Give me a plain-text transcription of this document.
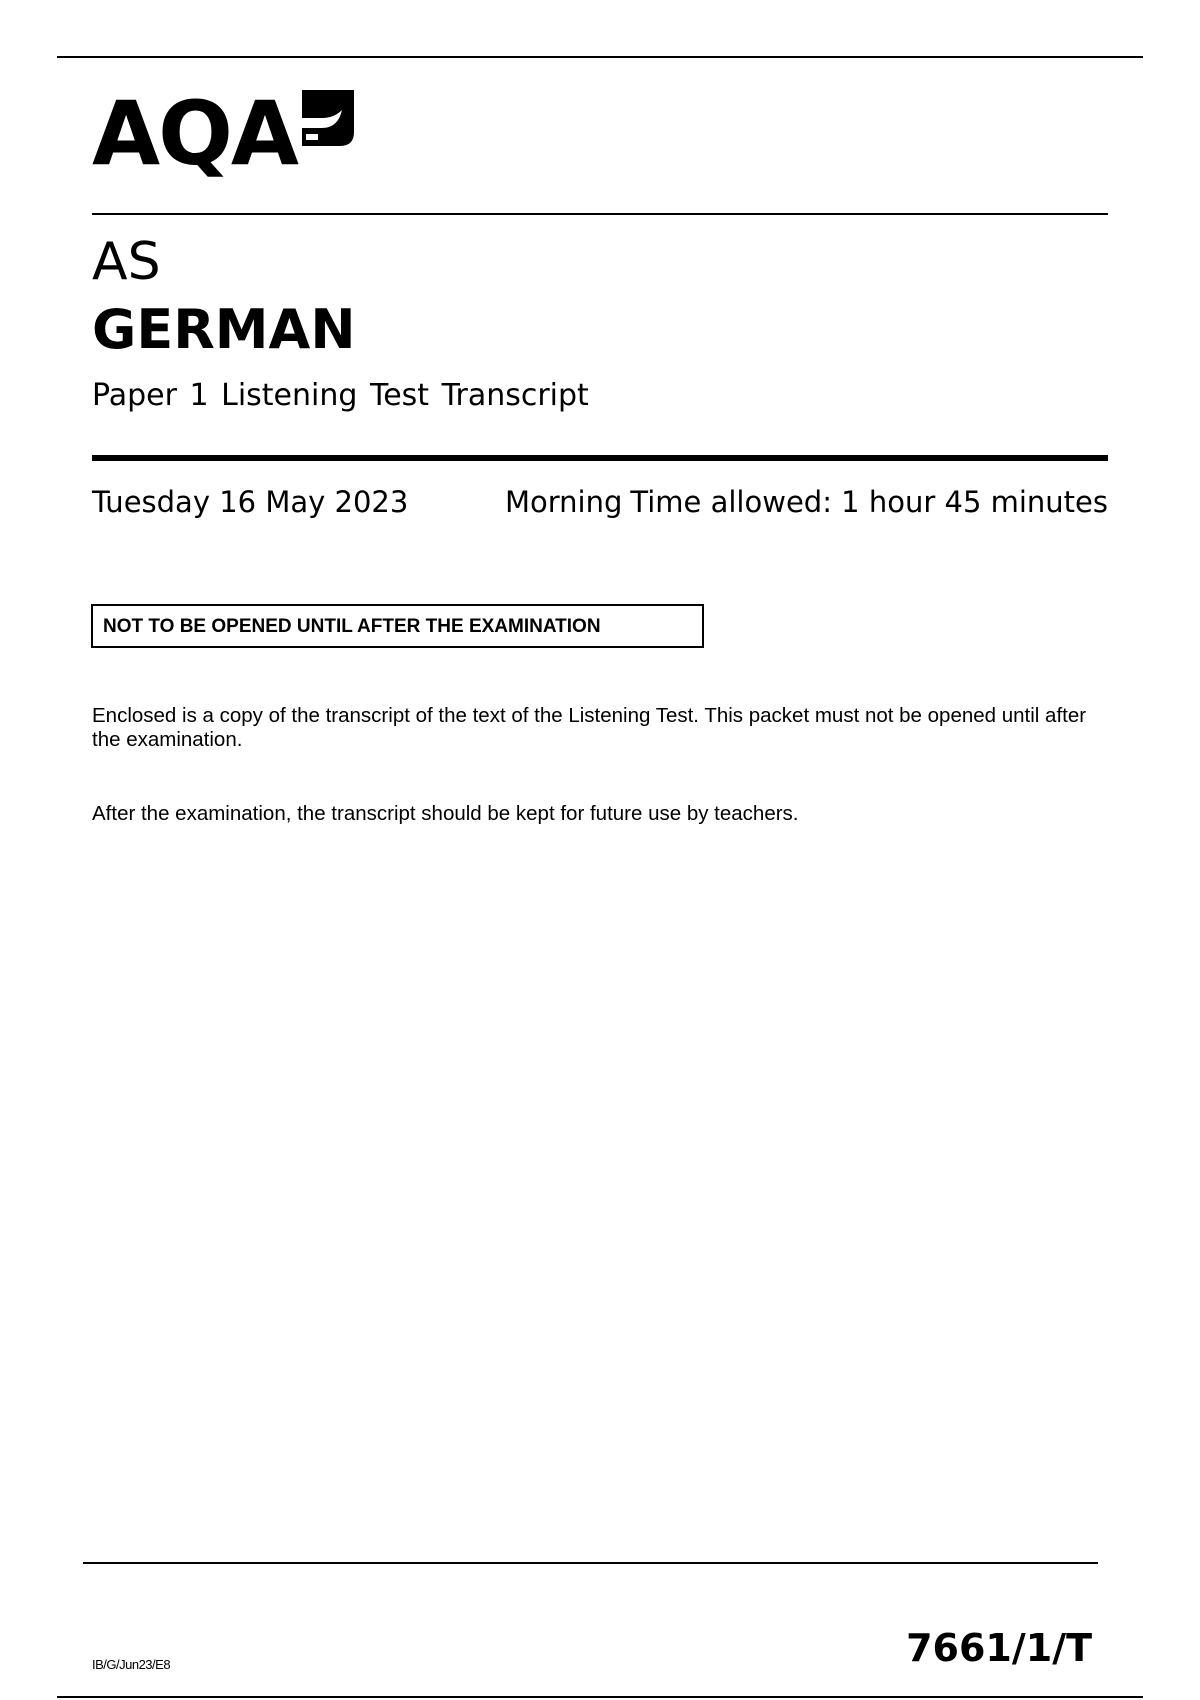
AQA
AS
GERMAN
Paper 1 Listening Test Transcript
Tuesday 16 May 2023	Morning Time allowed: 1 hour 45 minutes
NOT TO BE OPENED UNTIL AFTER THE EXAMINATION
Enclosed is a copy of the transcript of the text of the Listening Test. This packet must not be opened until after the examination.
After the examination, the transcript should be kept for future use by teachers.
IB/G/Jun23/E8	7661/1/T
